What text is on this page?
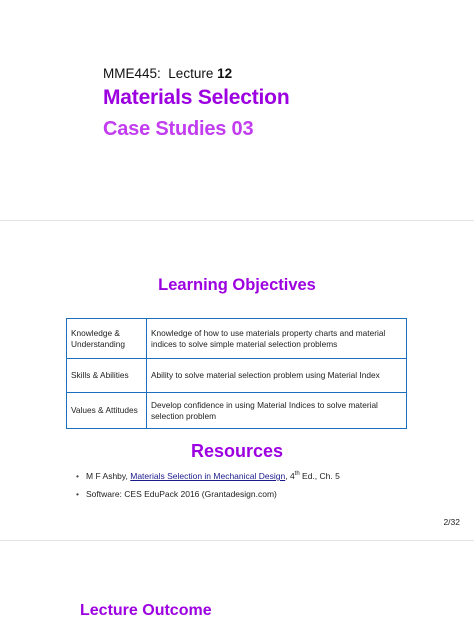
MME445: Lecture 12
Materials Selection
Case Studies 03
Learning Objectives
Knowledge & Understanding	Knowledge of how to use materials property charts and material indices to solve simple material selection problems
Skills & Abilities	Ability to solve material selection problem using Material Index
Values & Attitudes	Develop confidence in using Material Indices to solve material selection problem
Resources
• M F Ashby, Materials Selection in Mechanical Design, 4th Ed., Ch. 5
• Software: CES EduPack 2016 (Grantadesign.com)
2/32
Lecture Outcome
